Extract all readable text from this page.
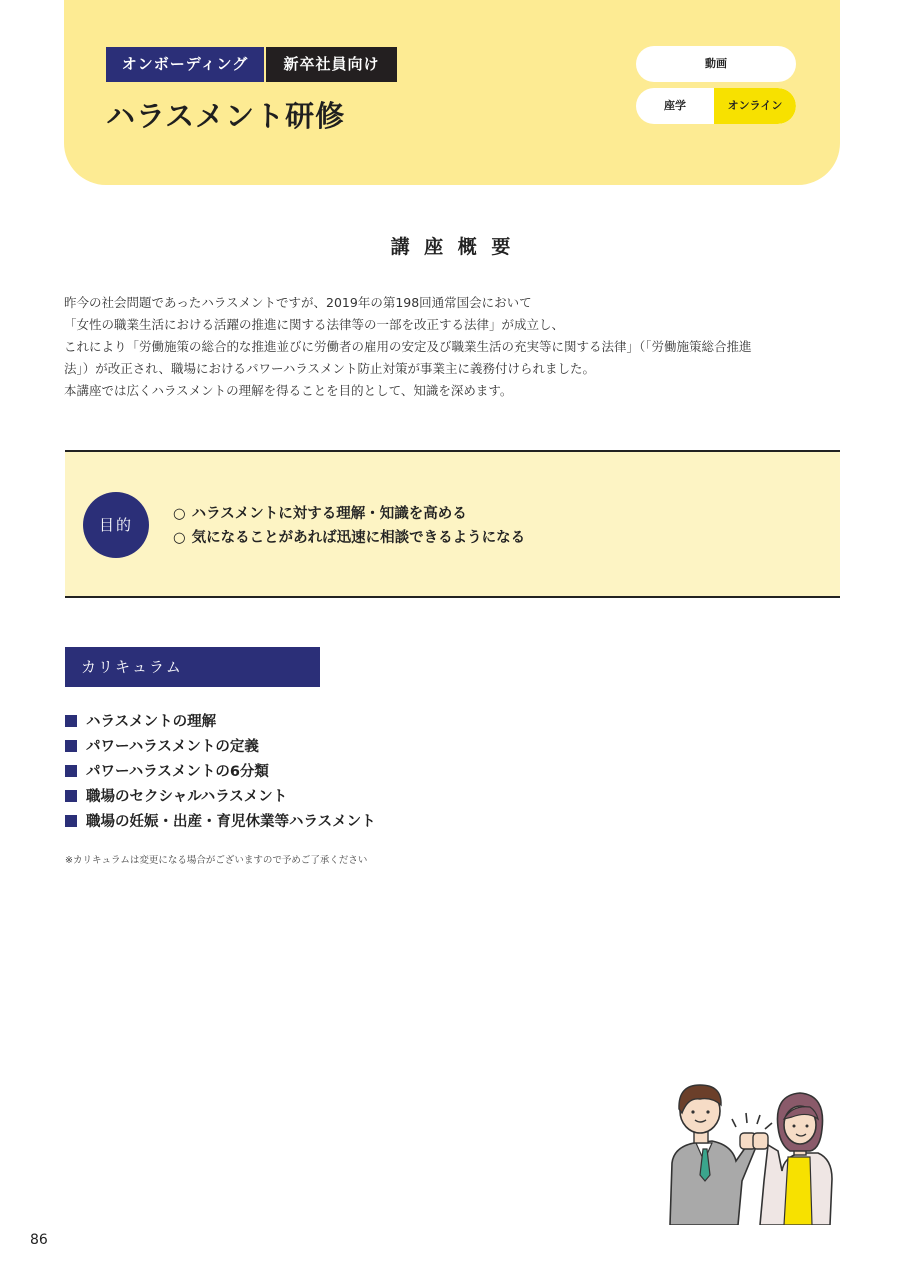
オンボーディング	新卒社員向け
ハラスメント研修
動画
座学	オンライン
講 座 概 要
昨今の社会問題であったハラスメントですが、2019年の第198回通常国会において
「女性の職業生活における活躍の推進に関する法律等の一部を改正する法律」が成立し、
これにより「労働施策の総合的な推進並びに労働者の雇用の安定及び職業生活の充実等に関する法律」（「労働施策総合推進
法」）が改正され、職場におけるパワーハラスメント防止対策が事業主に義務付けられました。
本講座では広くハラスメントの理解を得ることを目的として、知識を深めます。
目的
○ ハラスメントに対する理解・知識を高める
○ 気になることがあれば迅速に相談できるようになる
カリキュラム
ハラスメントの理解
パワーハラスメントの定義
パワーハラスメントの6分類
職場のセクシャルハラスメント
職場の妊娠・出産・育児休業等ハラスメント
※カリキュラムは変更になる場合がございますので予めご了承ください
86
